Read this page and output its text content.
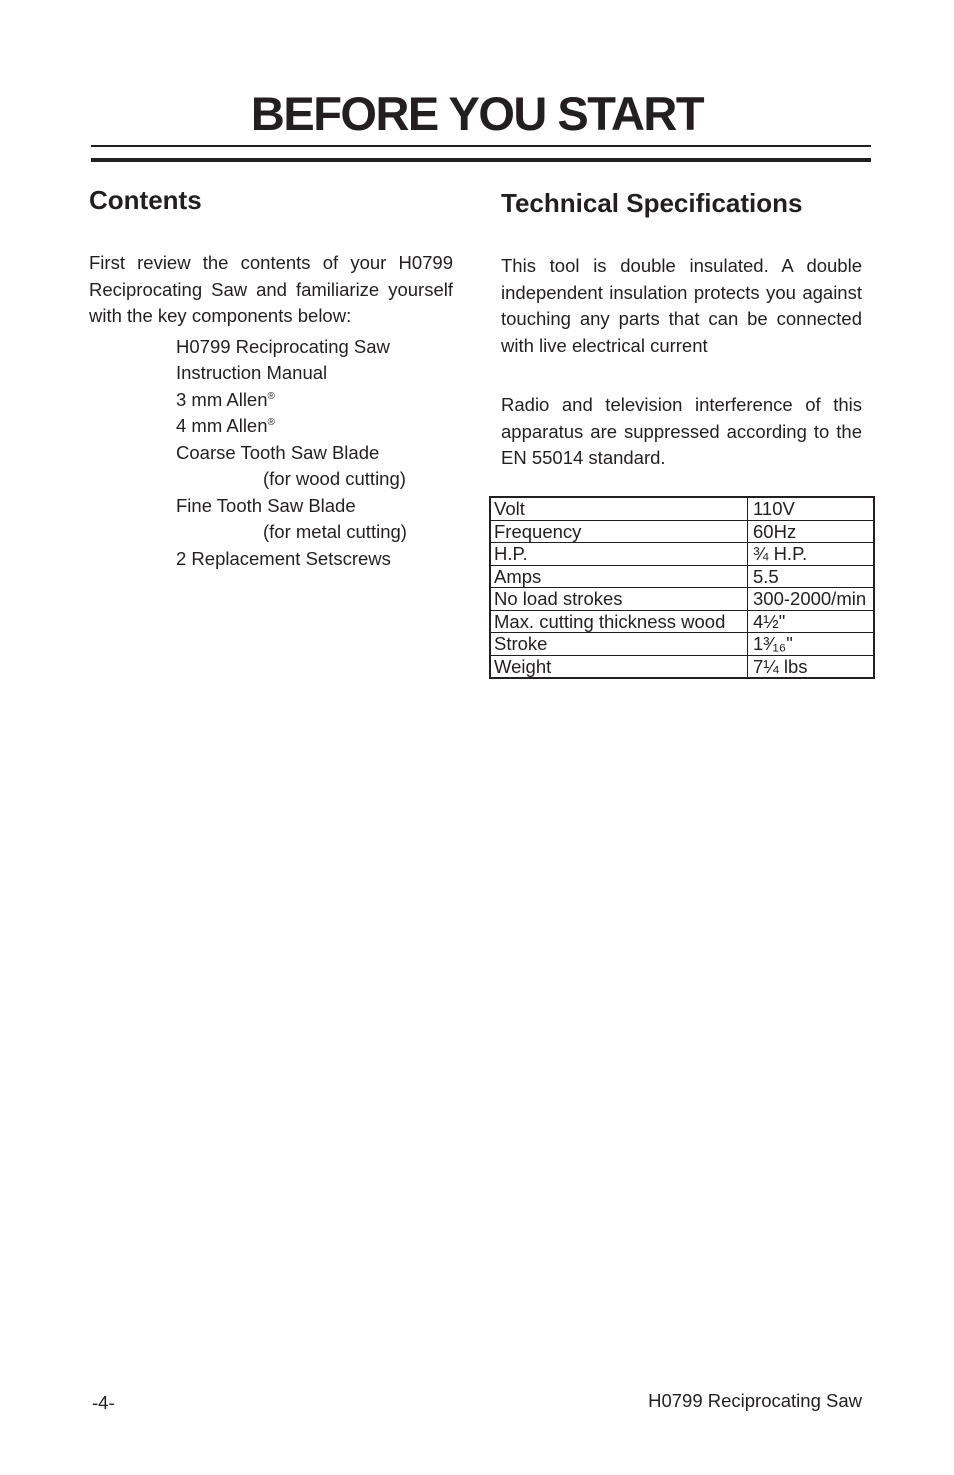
BEFORE YOU START
Contents

First review the contents of your H0799 Reciprocating Saw and familiarize yourself with the key components below:

H0799 Reciprocating Saw
Instruction Manual
3 mm Allen®
4 mm Allen®
Coarse Tooth Saw Blade
(for wood cutting)
Fine Tooth Saw Blade
(for metal cutting)
2 Replacement Setscrews
Technical Specifications

This tool is double insulated. A double independent insulation protects you against touching any parts that can be connected with live electrical current

Radio and television interference of this apparatus are suppressed according to the EN 55014 standard.

Volt	110V
Frequency	60Hz
H.P.	¾ H.P.
Amps	5.5
No load strokes	300-2000/min
Max. cutting thickness wood	4½"
Stroke	1³⁄₁₆"
Weight	7¼ lbs
-4-	H0799 Reciprocating Saw
